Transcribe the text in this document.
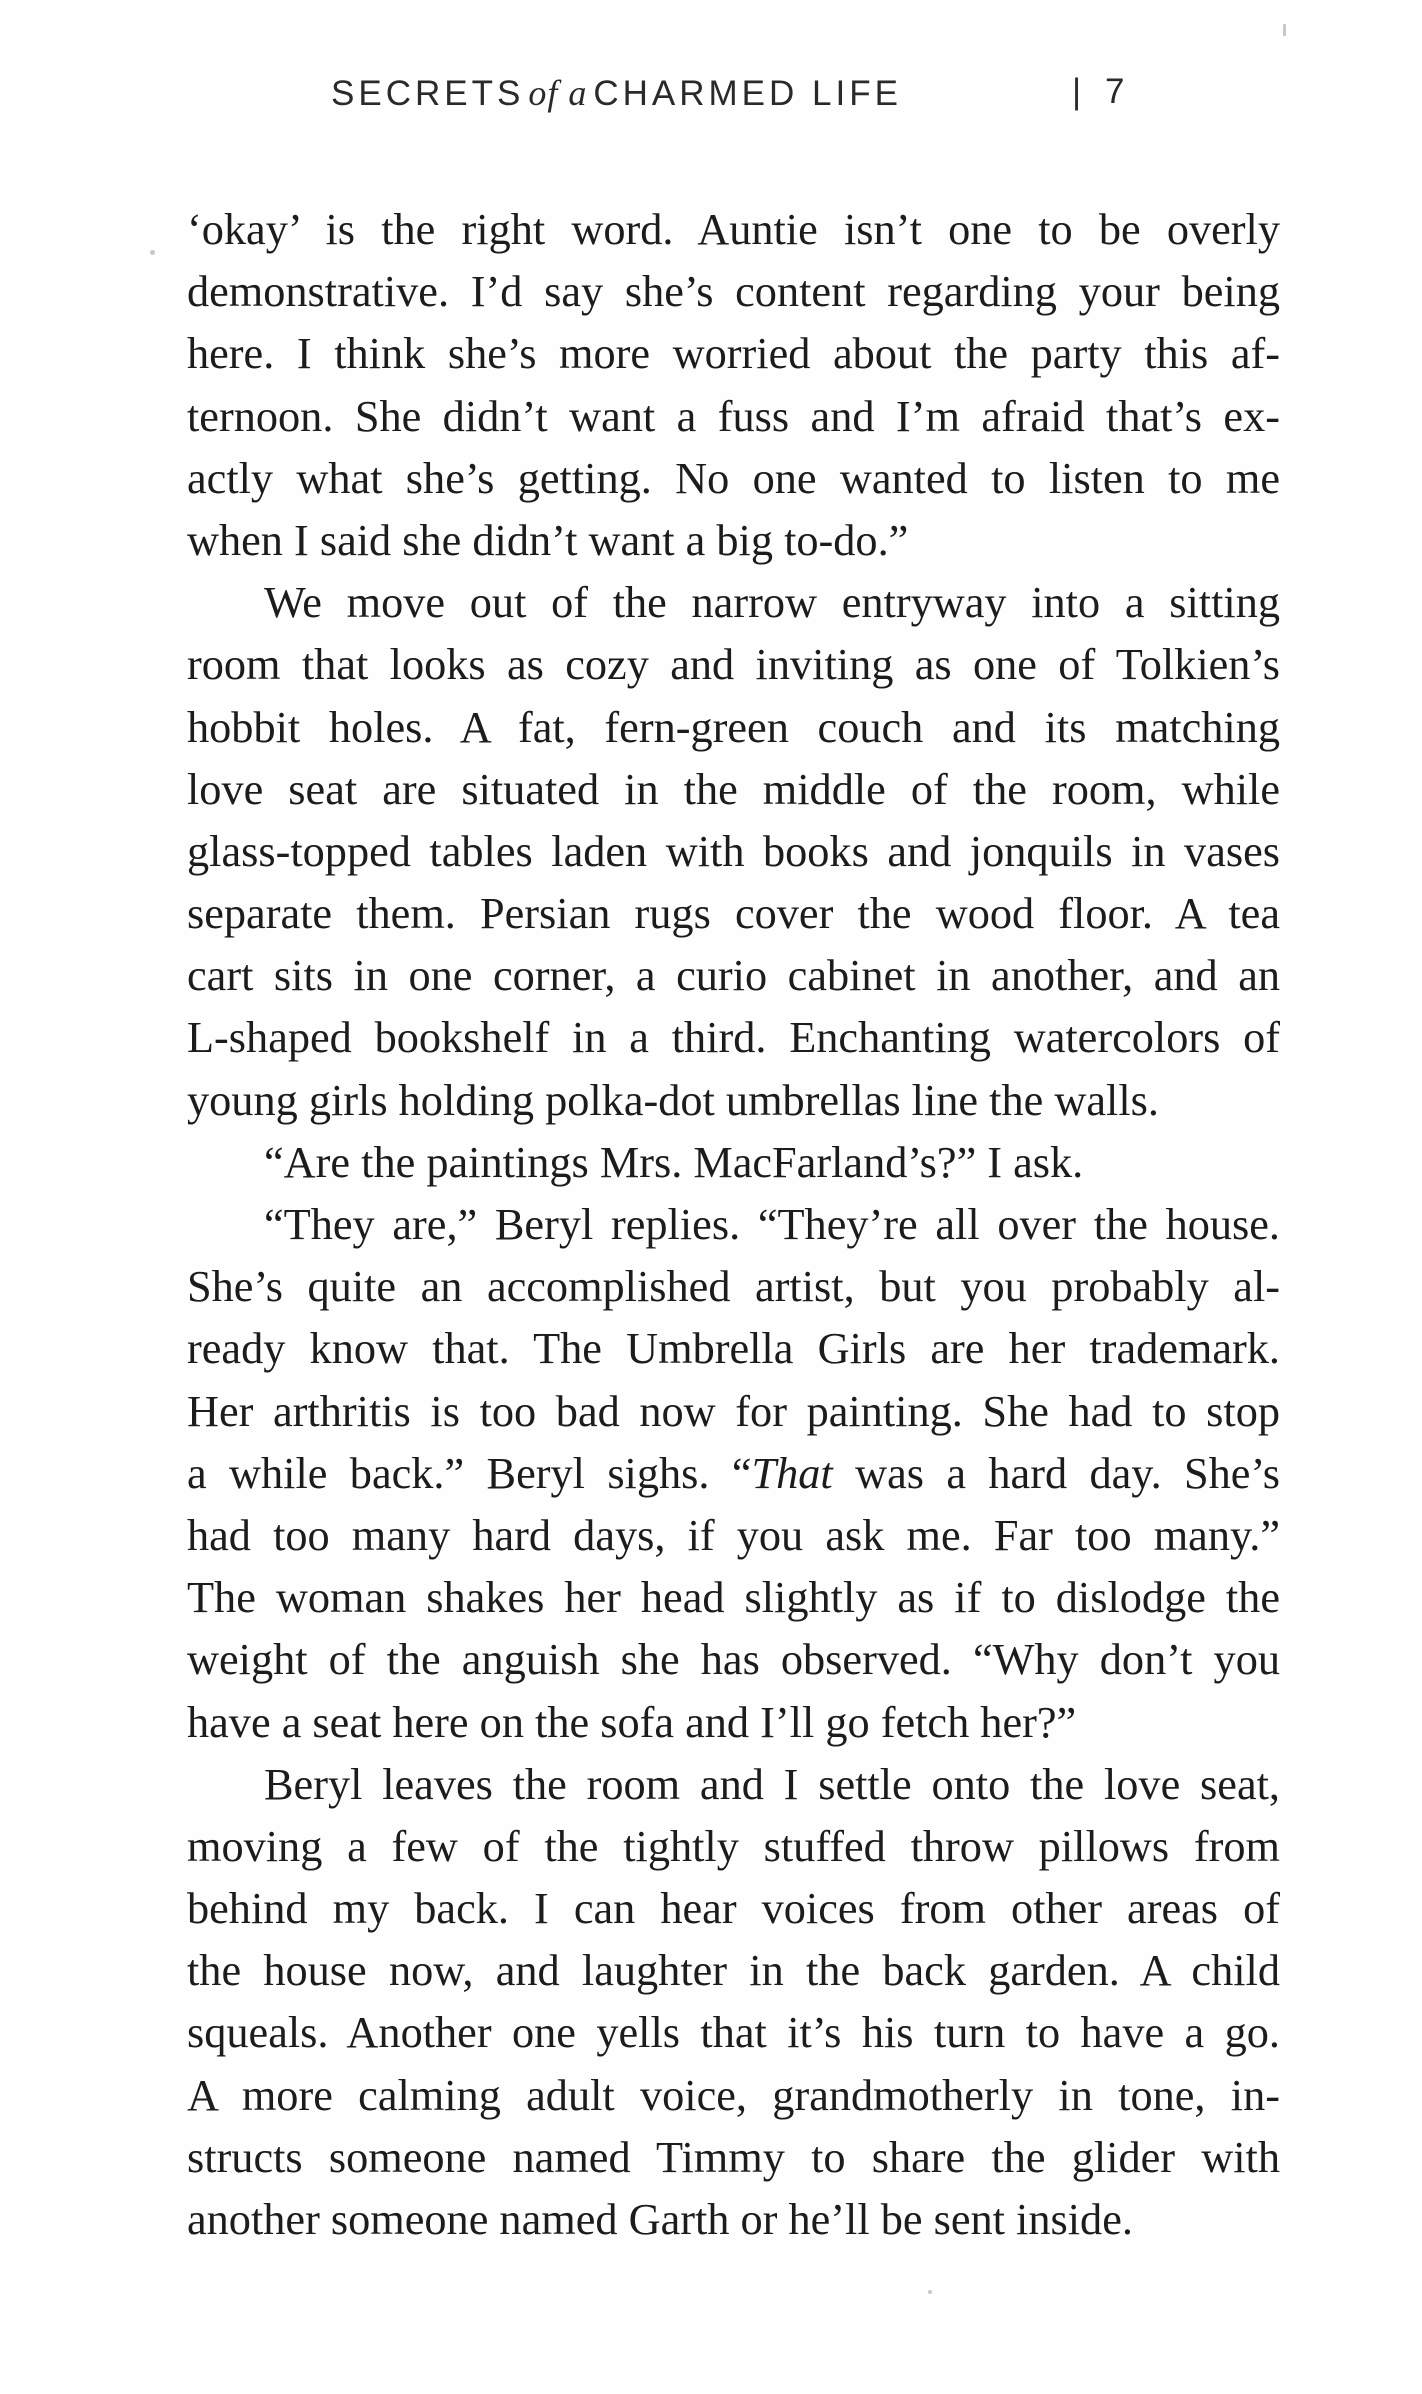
SECRETS of a CHARMED LIFE	| 7
‘okay’ is the right word. Auntie isn’t one to be overly
demonstrative. I’d say she’s content regarding your being
here. I think she’s more worried about the party this af-
ternoon. She didn’t want a fuss and I’m afraid that’s ex-
actly what she’s getting. No one wanted to listen to me
when I said she didn’t want a big to-do.”
We move out of the narrow entryway into a sitting
room that looks as cozy and inviting as one of Tolkien’s
hobbit holes. A fat, fern-green couch and its matching
love seat are situated in the middle of the room, while
glass-topped tables laden with books and jonquils in vases
separate them. Persian rugs cover the wood floor. A tea
cart sits in one corner, a curio cabinet in another, and an
L-shaped bookshelf in a third. Enchanting watercolors of
young girls holding polka-dot umbrellas line the walls.
“Are the paintings Mrs. MacFarland’s?” I ask.
“They are,” Beryl replies. “They’re all over the house.
She’s quite an accomplished artist, but you probably al-
ready know that. The Umbrella Girls are her trademark.
Her arthritis is too bad now for painting. She had to stop
a while back.” Beryl sighs. “That was a hard day. She’s
had too many hard days, if you ask me. Far too many.”
The woman shakes her head slightly as if to dislodge the
weight of the anguish she has observed. “Why don’t you
have a seat here on the sofa and I’ll go fetch her?”
Beryl leaves the room and I settle onto the love seat,
moving a few of the tightly stuffed throw pillows from
behind my back. I can hear voices from other areas of
the house now, and laughter in the back garden. A child
squeals. Another one yells that it’s his turn to have a go.
A more calming adult voice, grandmotherly in tone, in-
structs someone named Timmy to share the glider with
another someone named Garth or he’ll be sent inside.
